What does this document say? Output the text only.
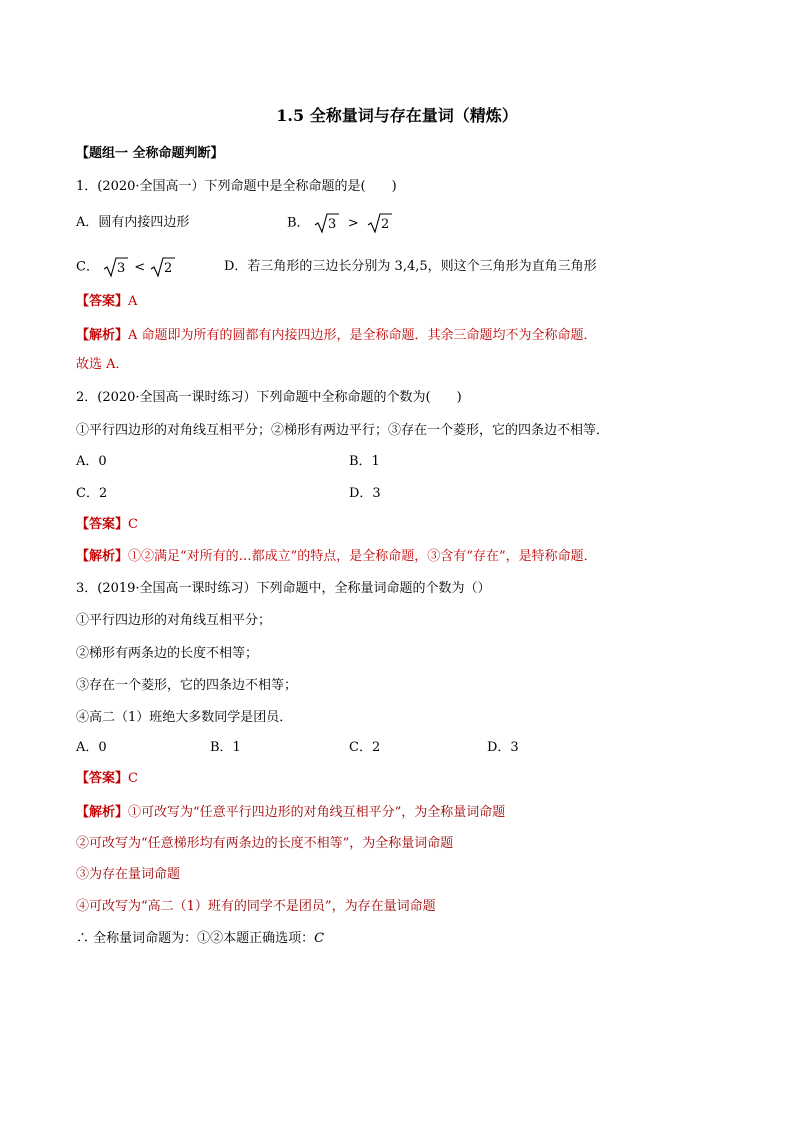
1.5 全称量词与存在量词（精炼）
【题组一 全称命题判断】
1．(2020·全国高一）下列命题中是全称命题的是(　　)
A．圆有内接四边形	B． 3 > 2
C． 3 < 2	D．若三角形的三边长分别为 3,4,5，则这个三角形为直角三角形
【答案】A
【解析】A 命题即为所有的圆都有内接四边形，是全称命题．其余三命题均不为全称命题．
故选 A．
2．(2020·全国高一课时练习）下列命题中全称命题的个数为(　　)
①平行四边形的对角线互相平分；②梯形有两边平行；③存在一个菱形，它的四条边不相等．
A．0	B．1
C．2	D．3
【答案】C
【解析】①②满足“对所有的…都成立”的特点，是全称命题，③含有“存在”，是特称命题．
3．(2019·全国高一课时练习）下列命题中，全称量词命题的个数为（）
①平行四边形的对角线互相平分；
②梯形有两条边的长度不相等；
③存在一个菱形，它的四条边不相等；
④高二（1）班绝大多数同学是团员．
A．0	B．1	C．2	D．3
【答案】C
【解析】①可改写为“任意平行四边形的对角线互相平分”，为全称量词命题
②可改写为“任意梯形均有两条边的长度不相等”，为全称量词命题
③为存在量词命题
④可改写为“高二（1）班有的同学不是团员”，为存在量词命题
∴ 全称量词命题为：①②本题正确选项：C
